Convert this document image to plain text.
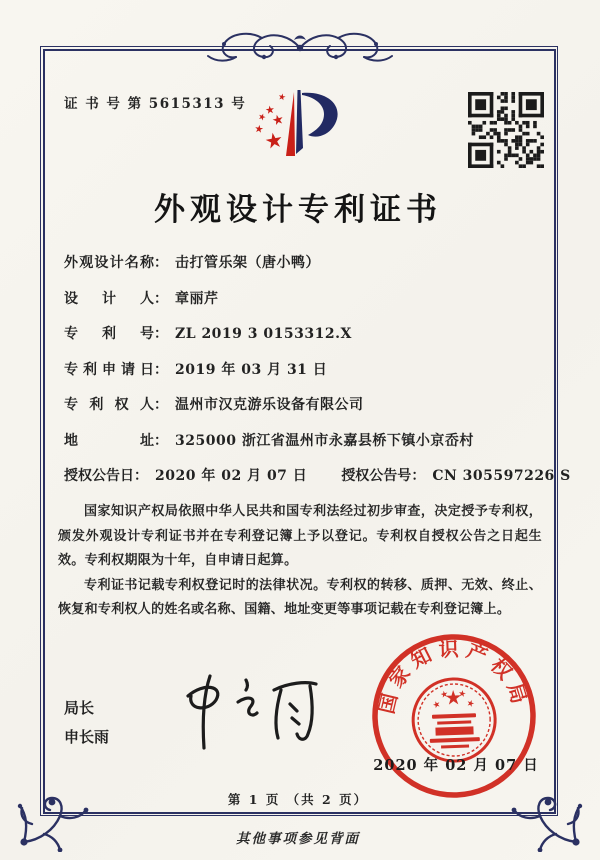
证 书 号 第 5615313 号
外观设计专利证书
外观设计名称 ： 击打管乐架（唐小鸭）
设计人 ： 章丽芹
专利号 ： ZL 2019 3 0153312.X
专利申请日 ： 2019 年 03 月 31 日
专利权人 ： 温州市汉克游乐设备有限公司
地址 ： 325000 浙江省温州市永嘉县桥下镇小京岙村
授权公告日 ： 2020 年 02 月 07 日 授权公告号 ： CN 305597226 S

国家知识产权局依照中华人民共和国专利法经过初步审查，决定授予专利权，颁发外观设计专利证书并在专利登记簿上予以登记。专利权自授权公告之日起生效。专利权期限为十年，自申请日起算。

专利证书记载专利权登记时的法律状况。专利权的转移、质押、无效、终止、恢复和专利权人的姓名或名称、国籍、地址变更等事项记载在专利登记簿上。

局长
申长雨
国家知识产权局
2020 年 02 月 07 日
第 1 页 （共 2 页）
其他事项参见背面
